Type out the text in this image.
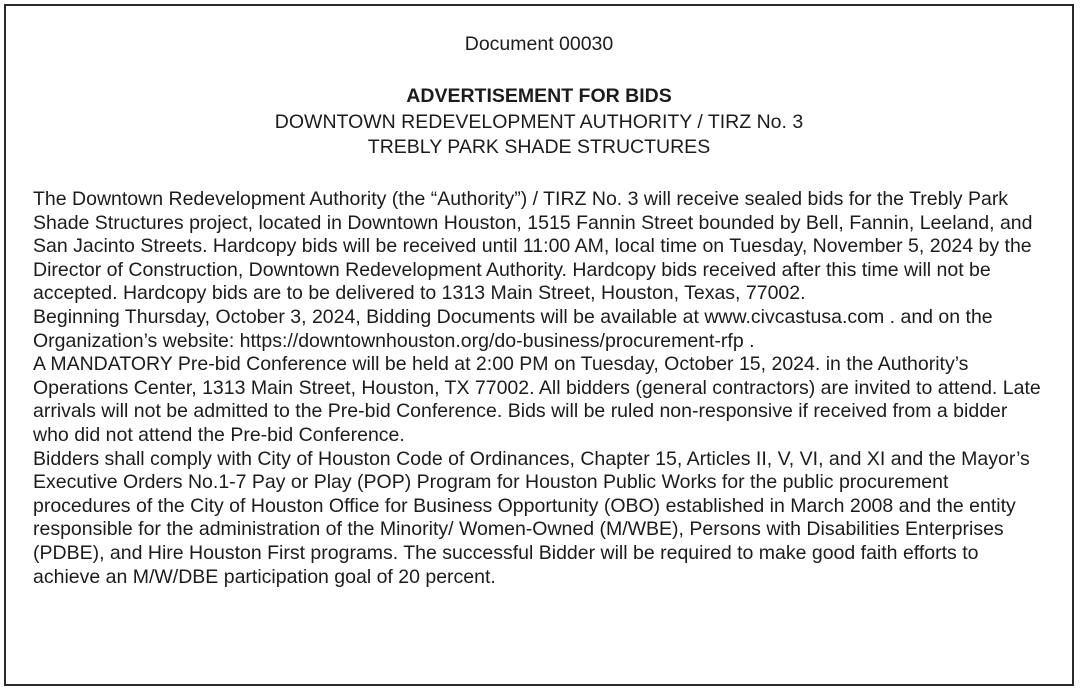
Document 00030
ADVERTISEMENT FOR BIDS
DOWNTOWN REDEVELOPMENT AUTHORITY / TIRZ No. 3
TREBLY PARK SHADE STRUCTURES

The Downtown Redevelopment Authority (the “Authority”) / TIRZ No. 3 will receive sealed bids for the Trebly Park Shade Structures project, located in Downtown Houston, 1515 Fannin Street bounded by Bell, Fannin, Leeland, and San Jacinto Streets. Hardcopy bids will be received until 11:00 AM, local time on Tuesday, November 5, 2024 by the Director of Construction, Downtown Redevelopment Authority. Hardcopy bids received after this time will not be accepted. Hardcopy bids are to be delivered to 1313 Main Street, Houston, Texas, 77002.

Beginning Thursday, October 3, 2024, Bidding Documents will be available at www.civcastusa.com . and on the Organization’s website: https://downtownhouston.org/do-business/procurement-rfp .

A MANDATORY Pre-bid Conference will be held at 2:00 PM on Tuesday, October 15, 2024. in the Authority’s Operations Center, 1313 Main Street, Houston, TX 77002. All bidders (general contractors) are invited to attend. Late arrivals will not be admitted to the Pre-bid Conference. Bids will be ruled non-responsive if received from a bidder who did not attend the Pre-bid Conference.

Bidders shall comply with City of Houston Code of Ordinances, Chapter 15, Articles II, V, VI, and XI and the Mayor’s Executive Orders No.1-7 Pay or Play (POP) Program for Houston Public Works for the public procurement procedures of the City of Houston Office for Business Opportunity (OBO) established in March 2008 and the entity responsible for the administration of the Minority/ Women-Owned (M/WBE), Persons with Disabilities Enterprises (PDBE), and Hire Houston First programs. The successful Bidder will be required to make good faith efforts to achieve an M/W/DBE participation goal of 20 percent.
